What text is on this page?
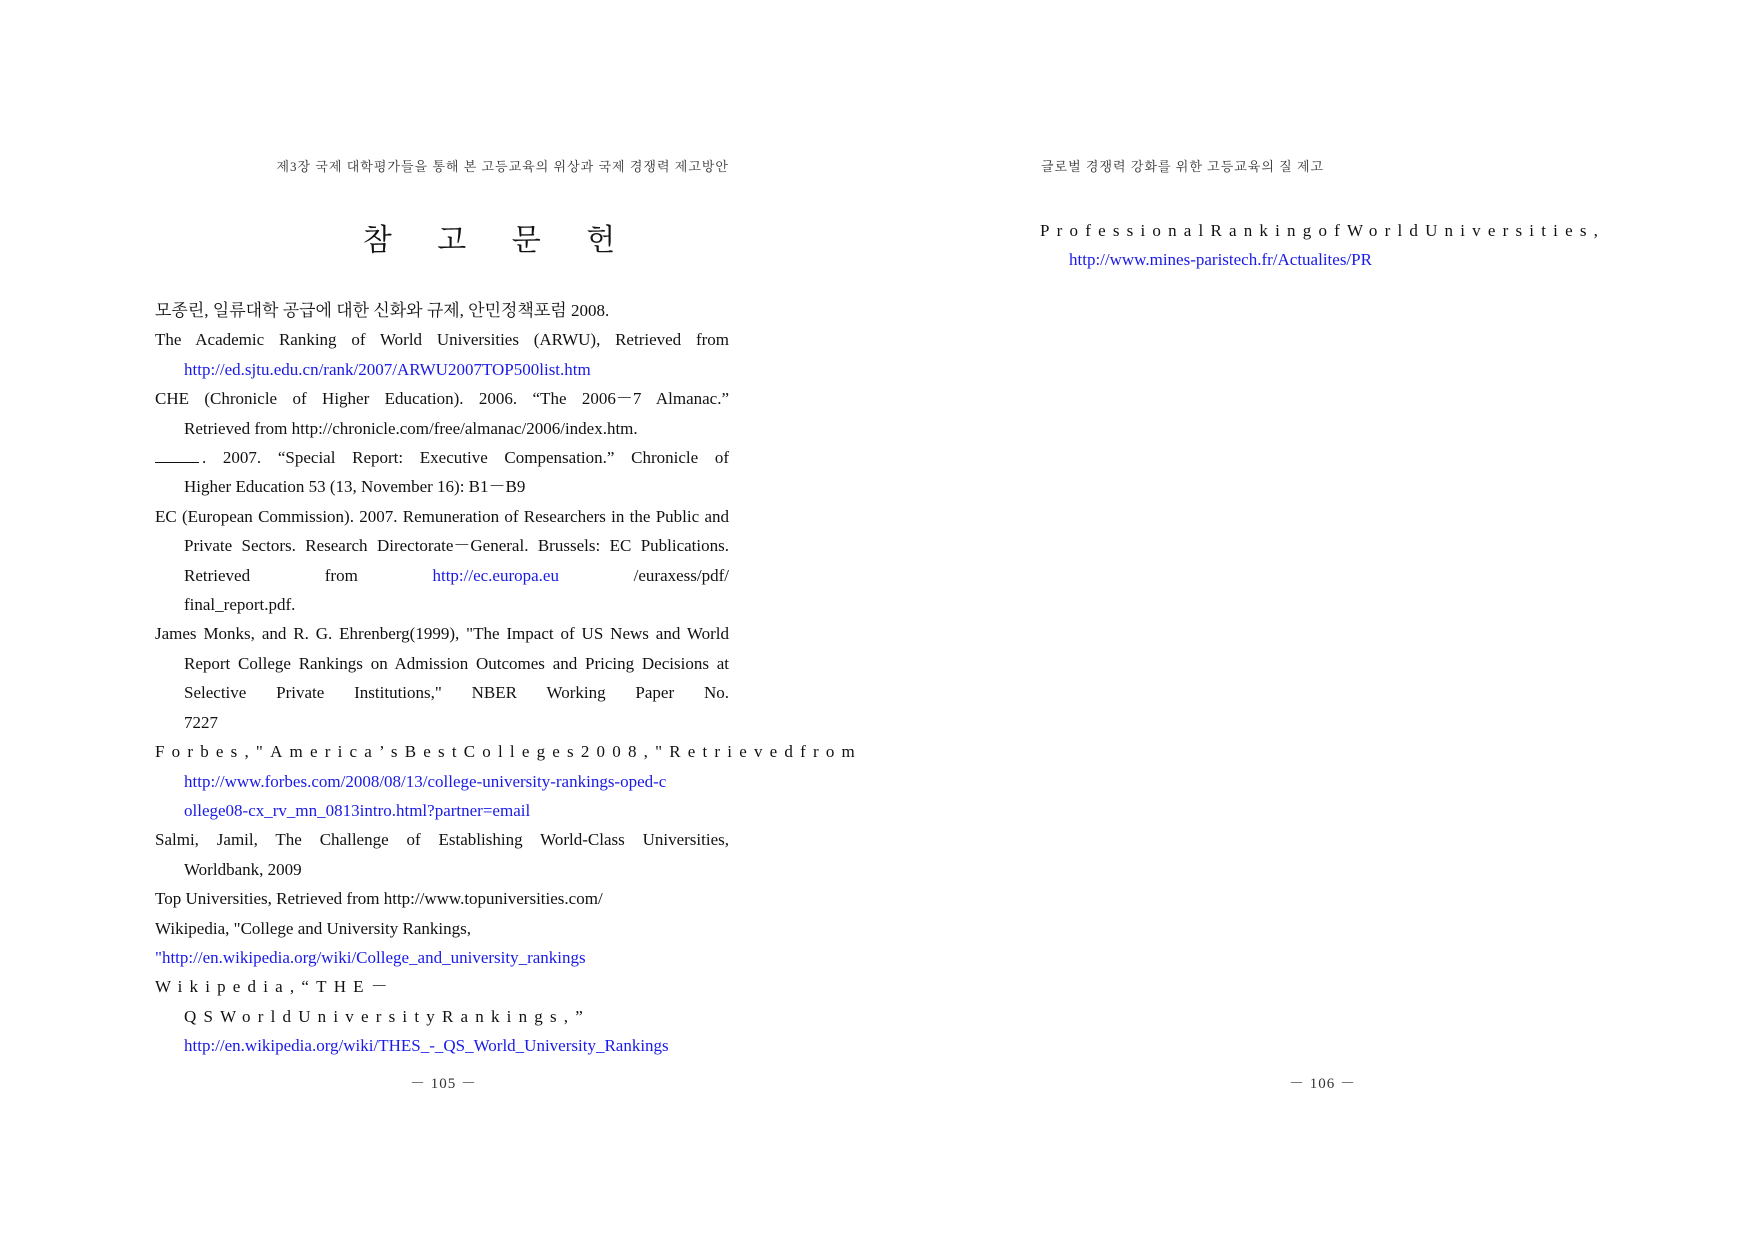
제3장 국제 대학평가들을 통해 본 고등교육의 위상과 국제 경쟁력 제고방안
참 고 문 헌
모종린, 일류대학 공급에 대한 신화와 규제, 안민정책포럼 2008.
The Academic Ranking of World Universities (ARWU), Retrieved from
http://ed.sjtu.edu.cn/rank/2007/ARWU2007TOP500list.htm
CHE (Chronicle of Higher Education). 2006. “The 2006－7 Almanac.”
Retrieved from http://chronicle.com/free/almanac/2006/index.htm.
. 2007. “Special Report: Executive Compensation.” Chronicle of
Higher Education 53 (13, November 16): B1－B9
EC (European Commission). 2007. Remuneration of Researchers in the Public and Private Sectors. Research Directorate－General. Brussels: EC Publications. Retrieved from	http://ec.europa.eu /euraxess/pdf/
final_report.pdf.
James Monks, and R. G. Ehrenberg(1999), "The Impact of US News and World Report College Rankings on Admission Outcomes and Pricing Decisions at Selective Private Institutions," NBER Working Paper No.
7227
Forbes,"America’sBestColleges2008,"Retrievedfrom
http://www.forbes.com/2008/08/13/college-university-rankings-oped-c
ollege08-cx_rv_mn_0813intro.html?partner=email
Salmi, Jamil, The Challenge of Establishing World-Class Universities,
Worldbank, 2009
Top Universities, Retrieved from http://www.topuniversities.com/
Wikipedia, "College and University Rankings,
"http://en.wikipedia.org/wiki/College_and_university_rankings
Wikipedia,“THE－QSWorldUniversityRankings,”
http://en.wikipedia.org/wiki/THES_-_QS_World_University_Rankings
－ 105 －
글로벌 경쟁력 강화를 위한 고등교육의 질 제고
ProfessionalRankingofWorldUniversities,
http://www.mines-paristech.fr/Actualites/PR
－ 106 －
